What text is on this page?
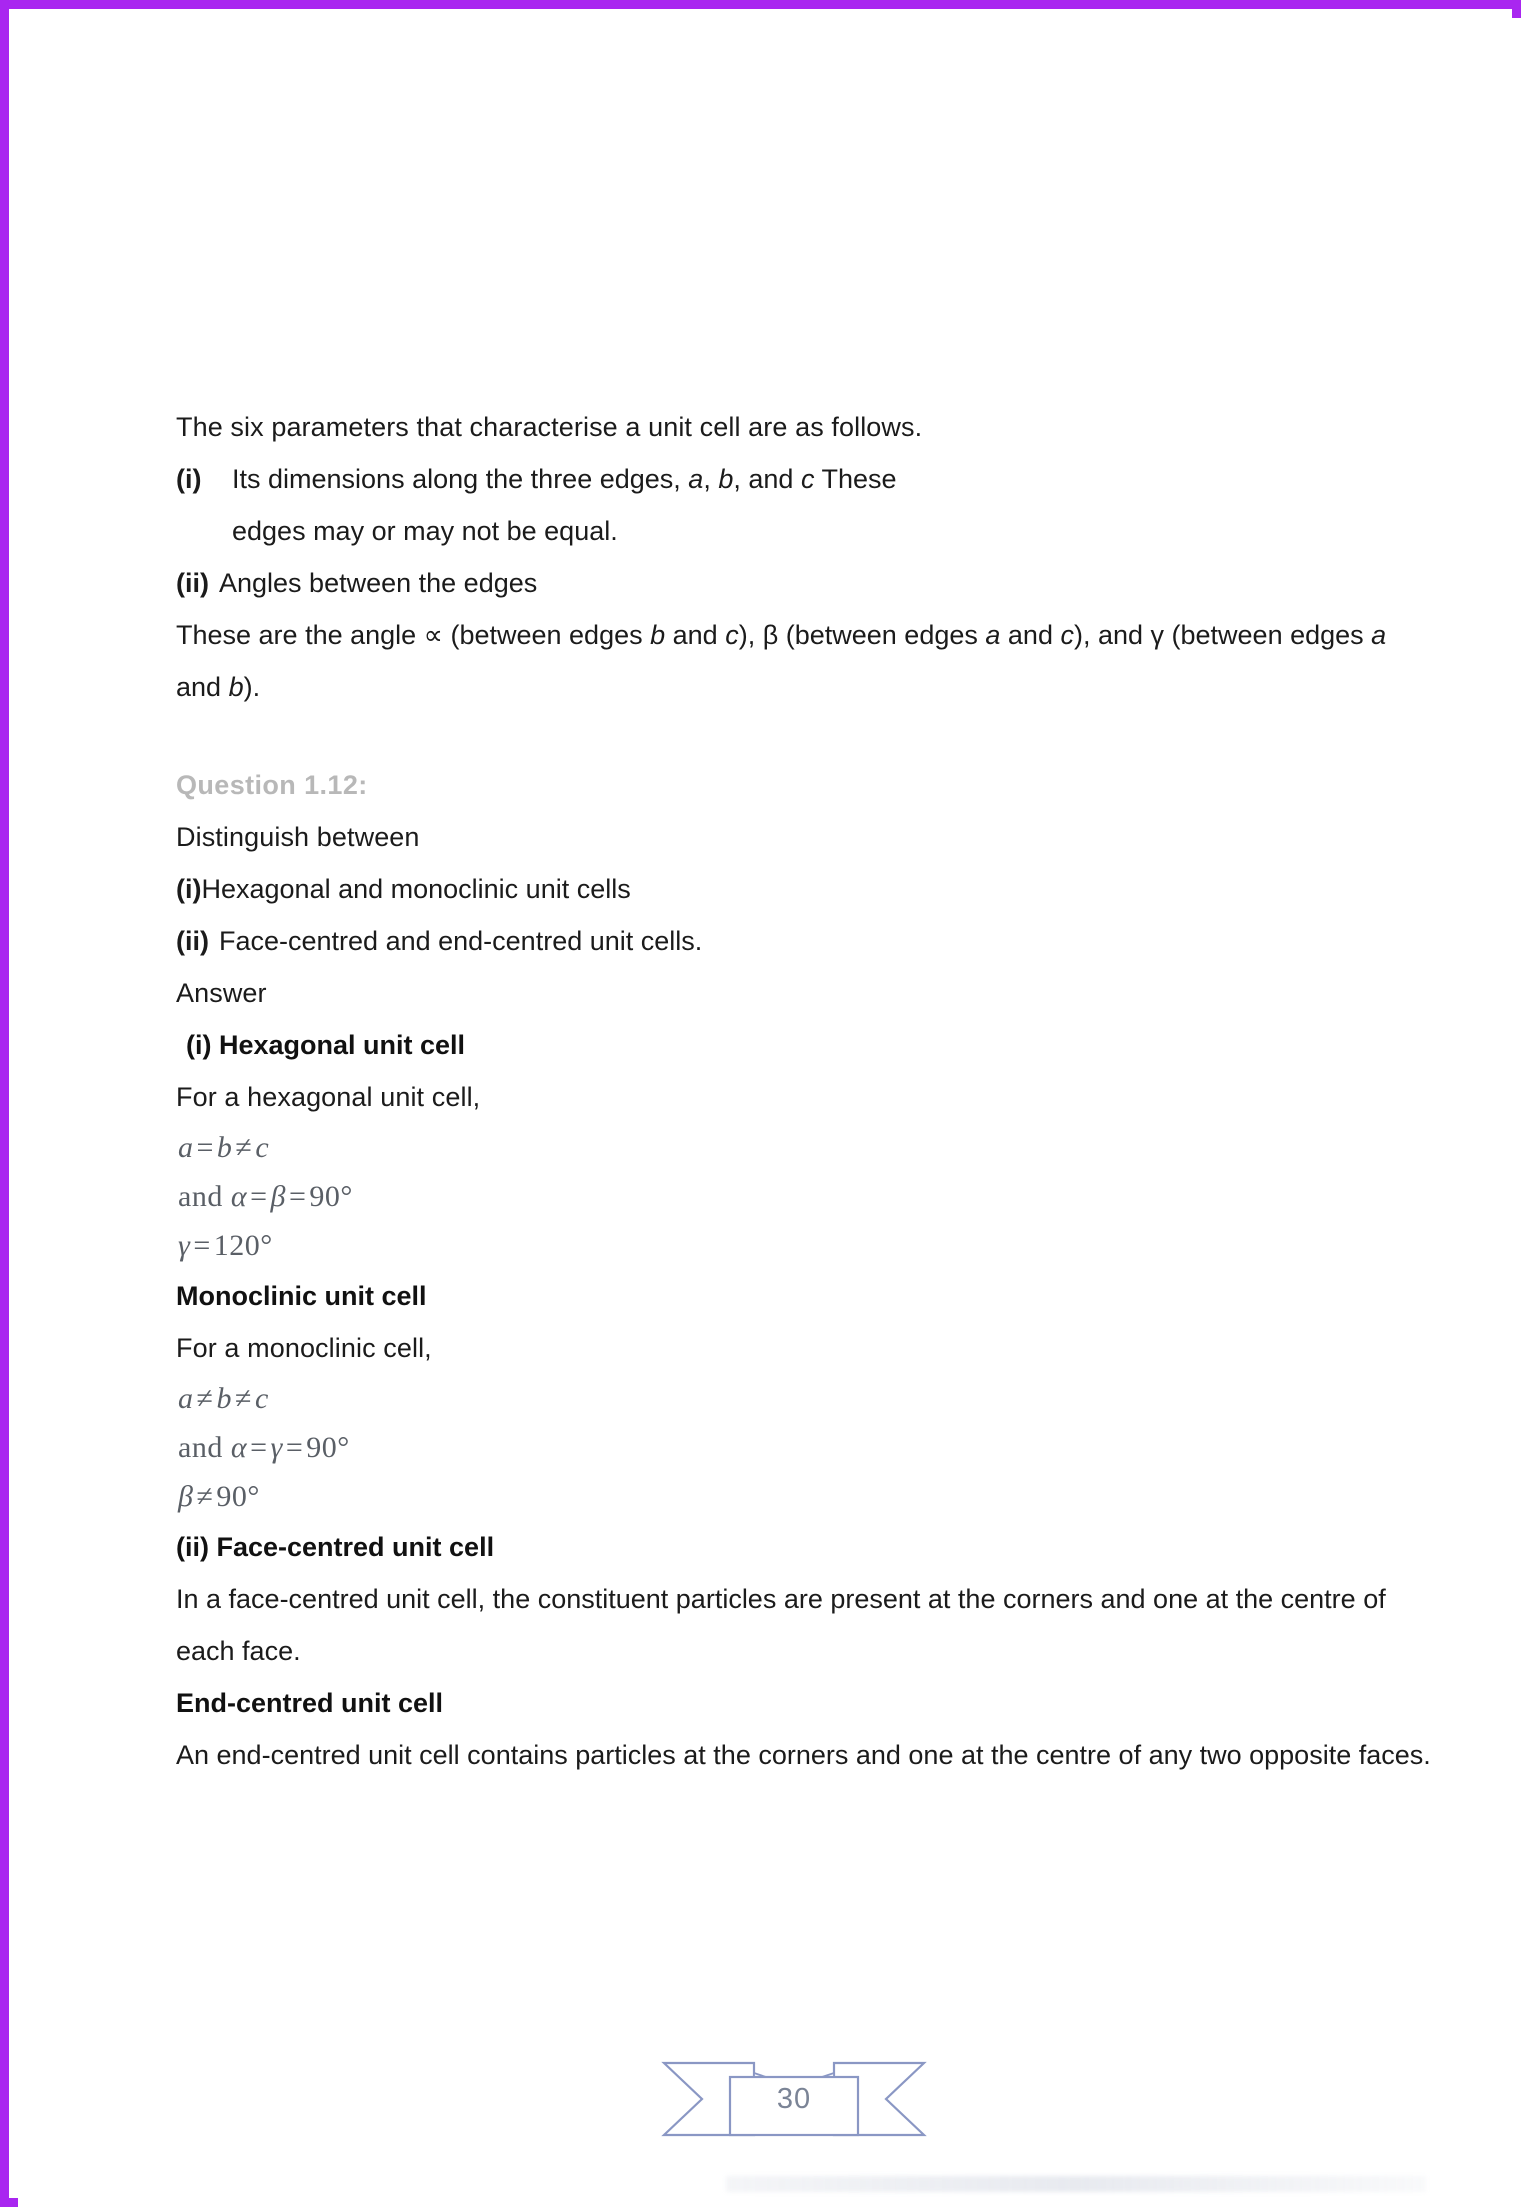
The six parameters that characterise a unit cell are as follows.

(i)	Its dimensions along the three edges, a, b, and c These
edges may or may not be equal.
(ii) Angles between the edges

These are the angle ∝ (between edges b and c), β (between edges a and c), and γ (between edges a and b).

Question 1.12:

Distinguish between

(i) Hexagonal and monoclinic unit cells
(ii) Face-centred and end-centred unit cells.

Answer

(i) Hexagonal unit cell

For a hexagonal unit cell,

a = b ≠ c
and α = β = 90°
γ = 120°
Monoclinic unit cell

For a monoclinic cell,

a ≠ b ≠ c
and α = γ = 90°
β ≠ 90°
(ii) Face-centred unit cell

In a face-centred unit cell, the constituent particles are present at the corners and one at the centre of each face.

End-centred unit cell

An end-centred unit cell contains particles at the corners and one at the centre of any two opposite faces.

30
